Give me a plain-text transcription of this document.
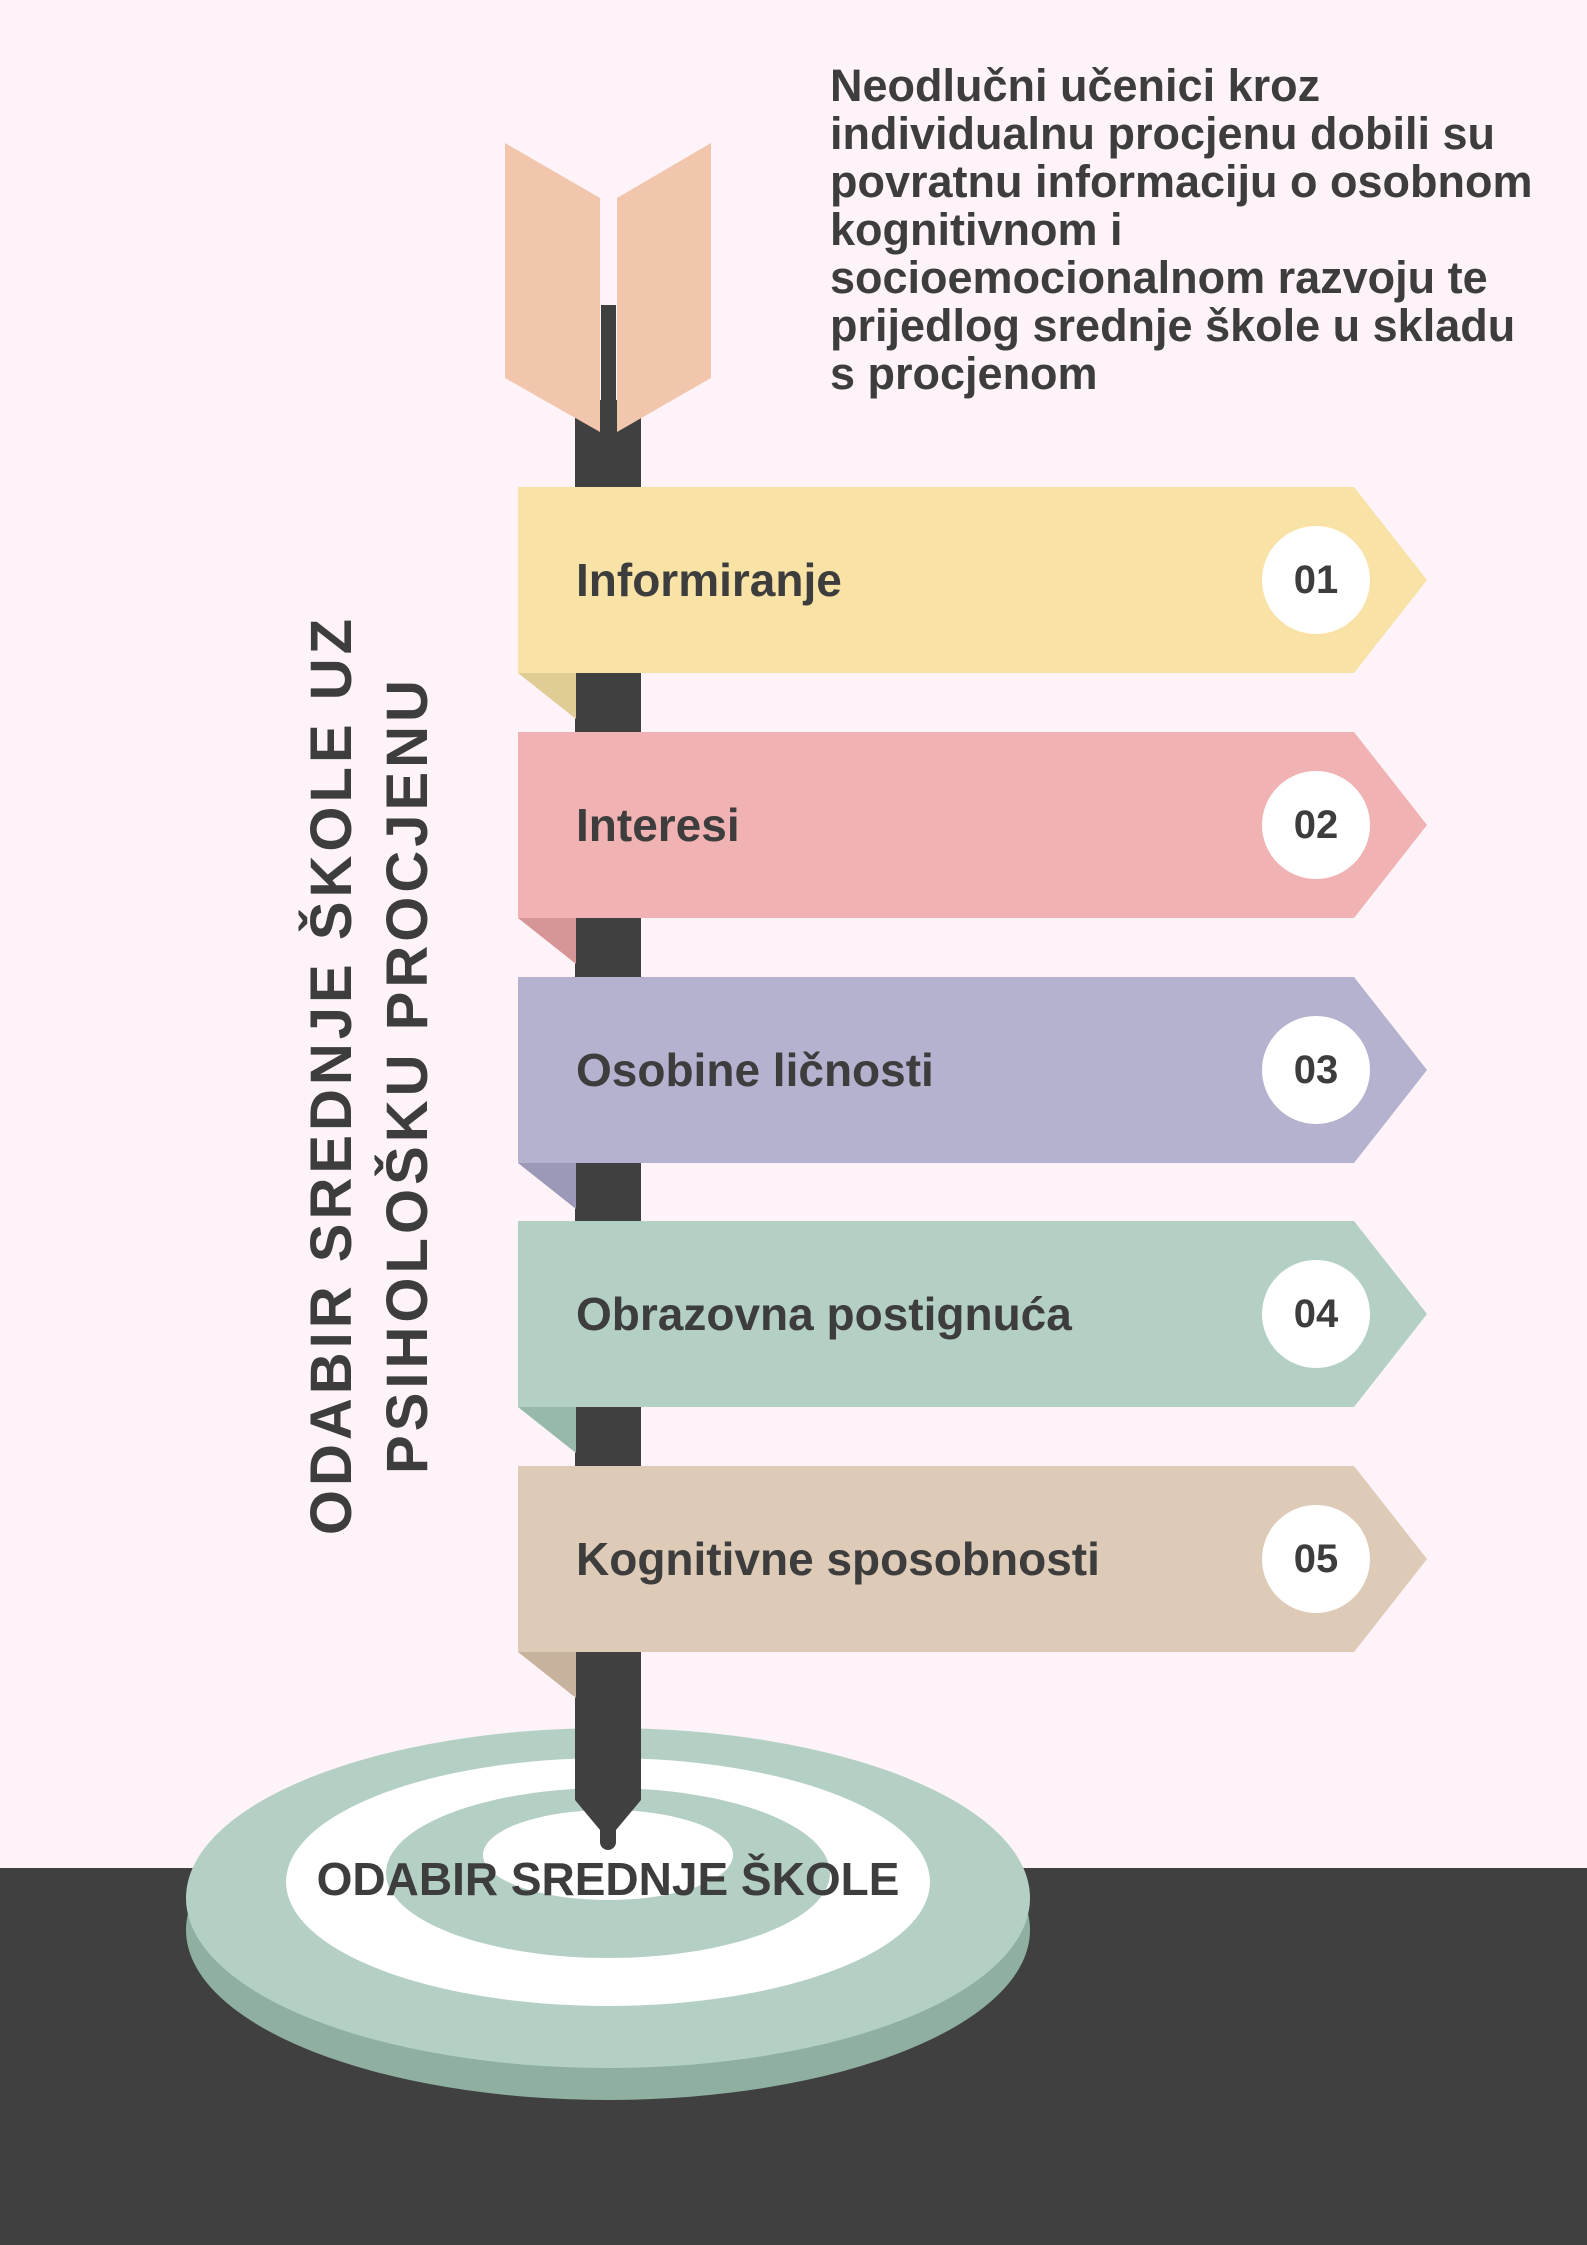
Neodlučni učenici kroz individualnu procjenu dobili su povratnu informaciju o osobnom kognitivnom i socioemocionalnom razvoju te prijedlog srednje škole u skladu s procjenom

ODABIR SREDNJE ŠKOLE UZ PSIHOLOŠKU PROCJENU
Informiranje	01
Interesi	02
Osobine ličnosti	03
Obrazovna postignuća	04
Kognitivne sposobnosti	05
ODABIR SREDNJE ŠKOLE
